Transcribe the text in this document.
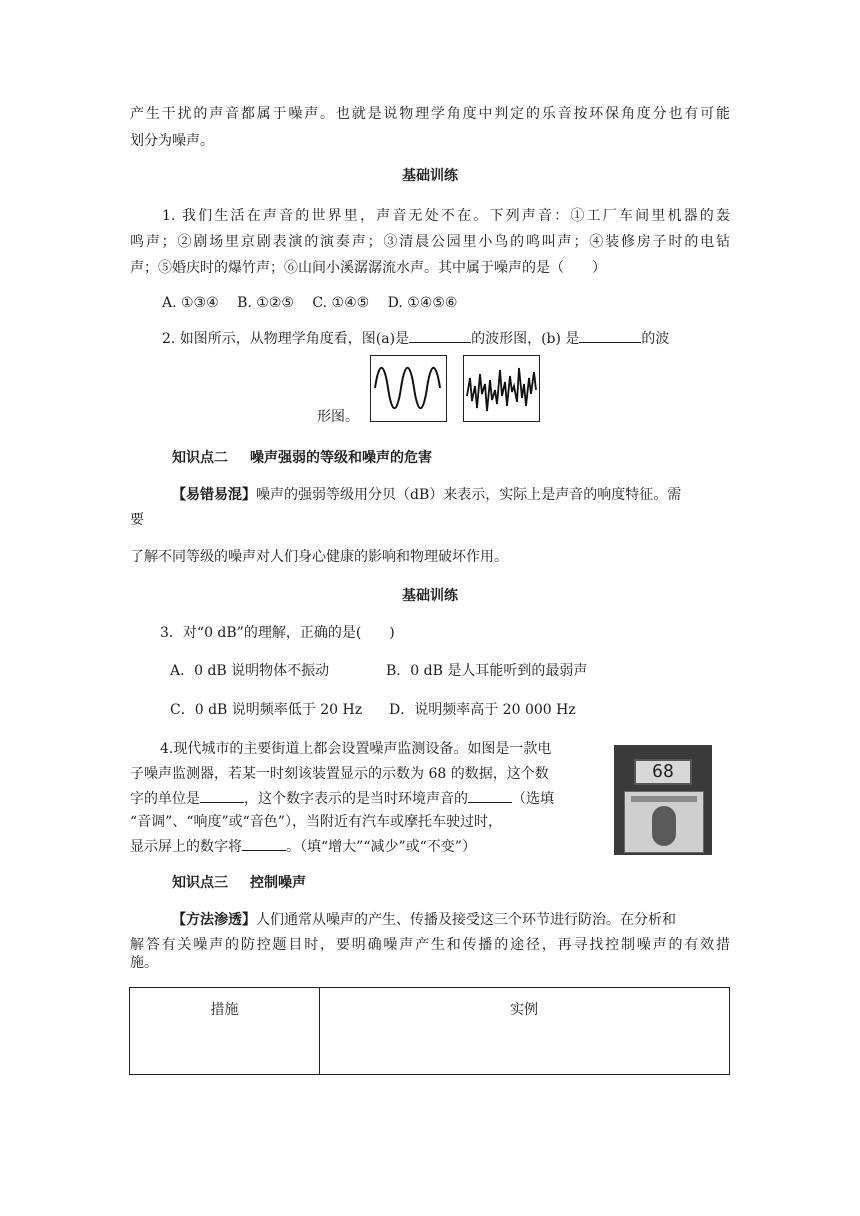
产生干扰的声音都属于噪声。也就是说物理学角度中判定的乐音按环保角度分也有可能
划分为噪声。
基础训练
1. 我们生活在声音的世界里，声音无处不在。下列声音：①工厂车间里机器的轰
鸣声；②剧场里京剧表演的演奏声；③清晨公园里小鸟的鸣叫声；④装修房子时的电钻
声；⑤婚庆时的爆竹声；⑥山间小溪潺潺流水声。其中属于噪声的是（　　）
A. ①③④　 B. ①②⑤　 C. ①④⑤　 D. ①④⑤⑥
2. 如图所示，从物理学角度看，图(a)是	的波形图，(b) 是	的波
形图。
知识点二 噪声强弱的等级和噪声的危害
【易错易混】噪声的强弱等级用分贝（dB）来表示，实际上是声音的响度特征。需
要
了解不同等级的噪声对人们身心健康的影响和物理破坏作用。
基础训练
3．对“0 dB”的理解，正确的是(　　)
A．0 dB 说明物体不振动	B．0 dB 是人耳能听到的最弱声
C．0 dB 说明频率低于 20 Hz D．说明频率高于 20 000 Hz
4.现代城市的主要街道上都会设置噪声监测设备。如图是一款电
子噪声监测器，若某一时刻该装置显示的示数为 68 的数据，这个数
字的单位是	，这个数字表示的是当时环境声音的	（选填
“音调”、“响度”或“音色”），当附近有汽车或摩托车驶过时，
显示屏上的数字将	。（填“增大”“减少”或“不变”）
68
知识点三 控制噪声
【方法渗透】人们通常从噪声的产生、传播及接受这三个环节进行防治。在分析和
解答有关噪声的防控题目时，要明确噪声产生和传播的途径，再寻找控制噪声的有效措
施。
措施	实例
